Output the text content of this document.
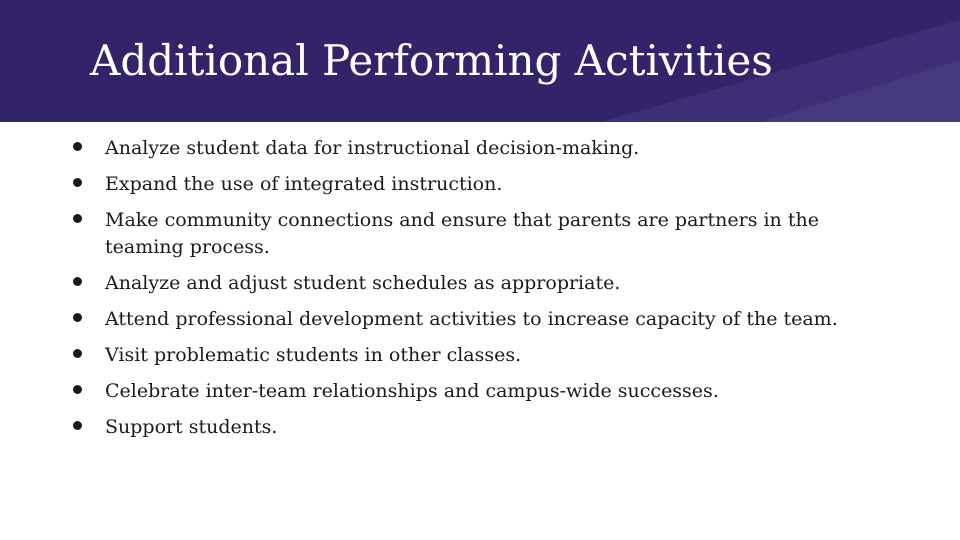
Additional Performing Activities
Analyze student data for instructional decision-making.
Expand the use of integrated instruction.
Make community connections and ensure that parents are partners in the teaming process.
Analyze and adjust student schedules as appropriate.
Attend professional development activities to increase capacity of the team.
Visit problematic students in other classes.
Celebrate inter-team relationships and campus-wide successes.
Support students.
